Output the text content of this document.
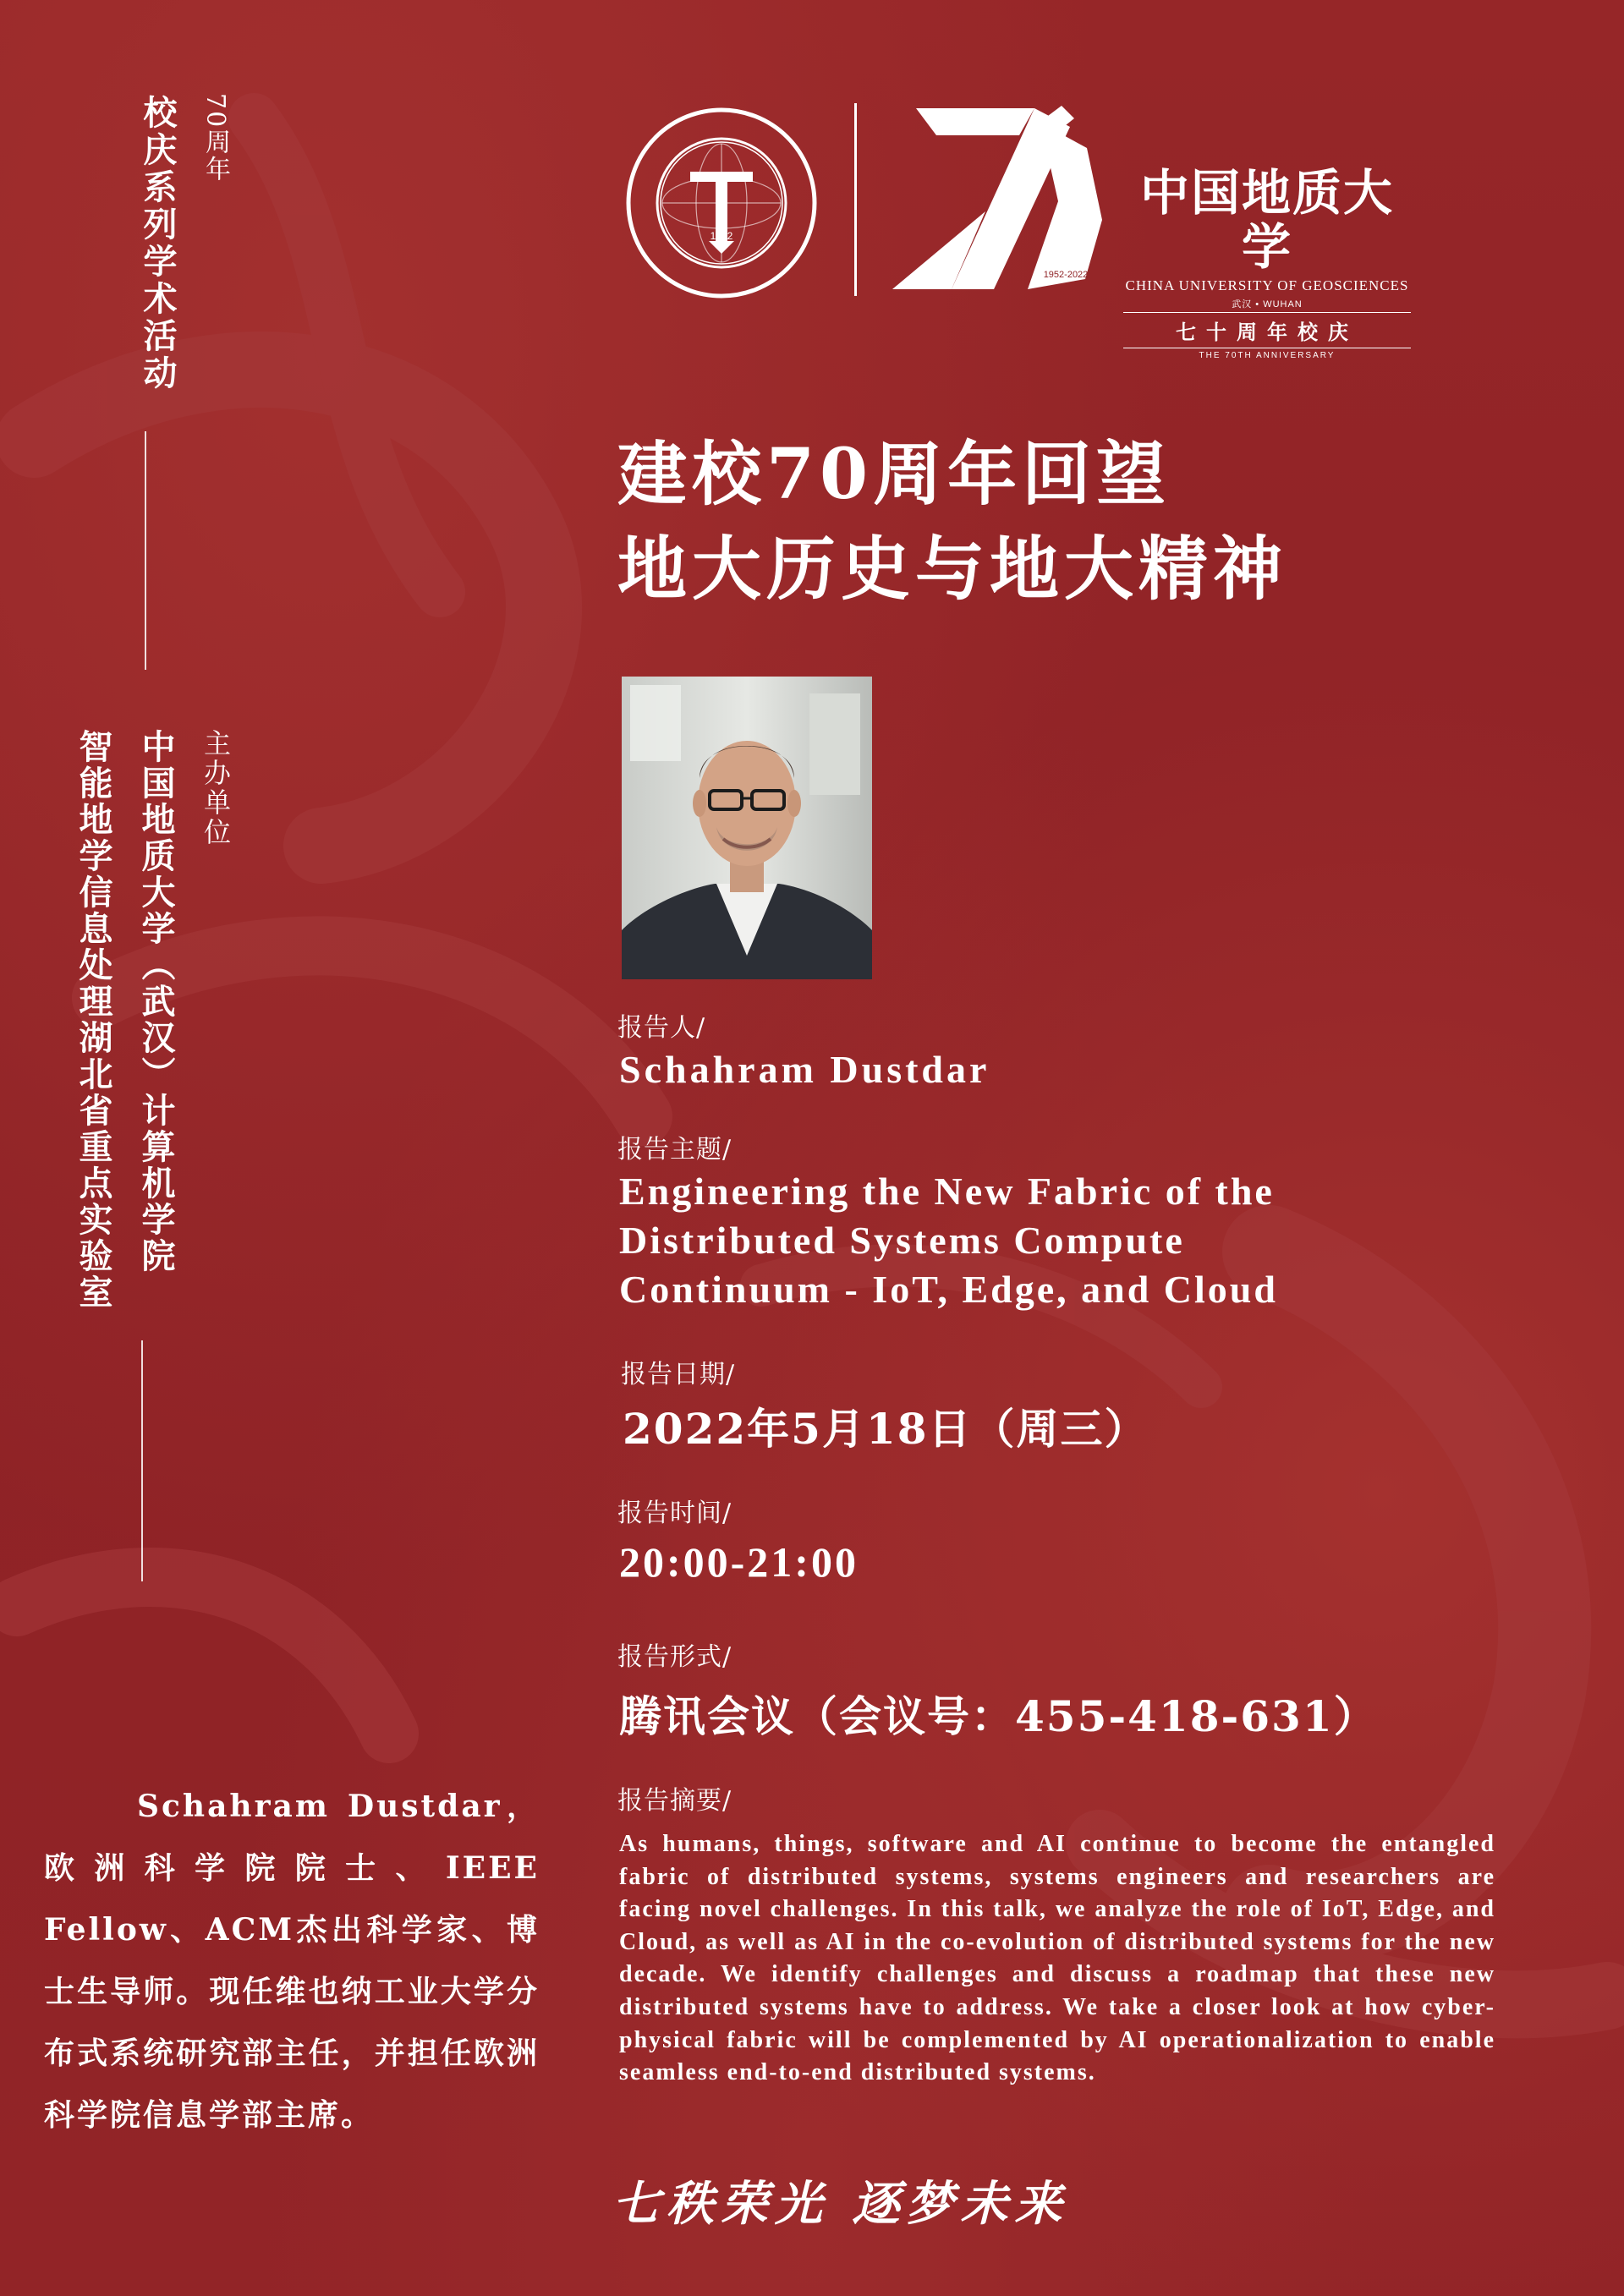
70周年
校庆系列学术活动
主办单位
中国地质大学（武汉）计算机学院
智能地学信息处理湖北省重点实验室
1952
1952-2022
中国地质大学
CHINA UNIVERSITY OF GEOSCIENCES
武汉 • WUHAN
七十周年校庆
THE 70TH ANNIVERSARY
建校70周年回望
地大历史与地大精神
报告人/
Schahram Dustdar
报告主题/
Engineering the New Fabric of the
Distributed Systems Compute
Continuum - IoT, Edge, and Cloud
报告日期/
2022年5月18日（周三）
报告时间/
20:00-21:00
报告形式/
腾讯会议（会议号：455-418-631）
报告摘要/
As humans, things, software and AI continue to become the entangled fabric of distributed systems, systems engineers and researchers are facing novel challenges. In this talk, we analyze the role of IoT, Edge, and Cloud, as well as AI in the co-evolution of distributed systems for the new decade. We identify challenges and discuss a roadmap that these new distributed systems have to address. We take a closer look at how cyber-physical fabric will be complemented by AI operationalization to enable seamless end-to-end distributed systems.
Schahram Dustdar，欧洲科学院院士、IEEE Fellow、ACM杰出科学家、博士生导师。现任维也纳工业大学分布式系统研究部主任，并担任欧洲科学院信息学部主席。
七秩荣光 逐梦未来
